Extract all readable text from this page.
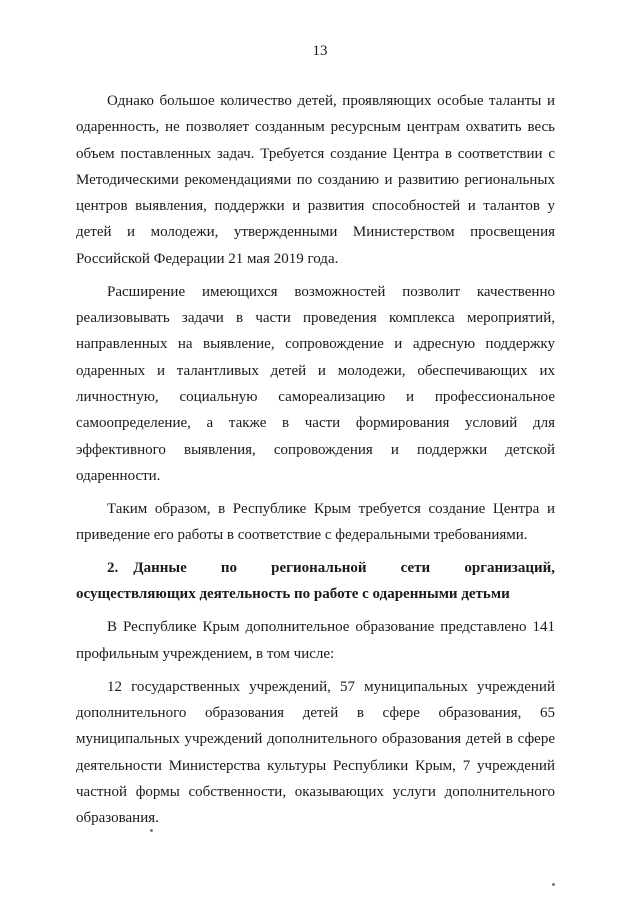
13

Однако большое количество детей, проявляющих особые таланты и одаренность, не позволяет созданным ресурсным центрам охватить весь объем поставленных задач. Требуется создание Центра в соответствии с Методическими рекомендациями по созданию и развитию региональных центров выявления, поддержки и развития способностей и талантов у детей и молодежи, утвержденными Министерством просвещения Российской Федерации 21 мая 2019 года.

Расширение имеющихся возможностей позволит качественно реализовывать задачи в части проведения комплекса мероприятий, направленных на выявление, сопровождение и адресную поддержку одаренных и талантливых детей и молодежи, обеспечивающих их личностную, социальную самореализацию и профессиональное самоопределение, а также в части формирования условий для эффективного выявления, сопровождения и поддержки детской одаренности.

Таким образом, в Республике Крым требуется создание Центра и приведение его работы в соответствие с федеральными требованиями.

2. Данные по региональной сети организаций, осуществляющих деятельность по работе с одаренными детьми

В Республике Крым дополнительное образование представлено 141 профильным учреждением, в том числе:

12 государственных учреждений, 57 муниципальных учреждений дополнительного образования детей в сфере образования, 65 муниципальных учреждений дополнительного образования детей в сфере деятельности Министерства культуры Республики Крым, 7 учреждений частной формы собственности, оказывающих услуги дополнительного образования.
